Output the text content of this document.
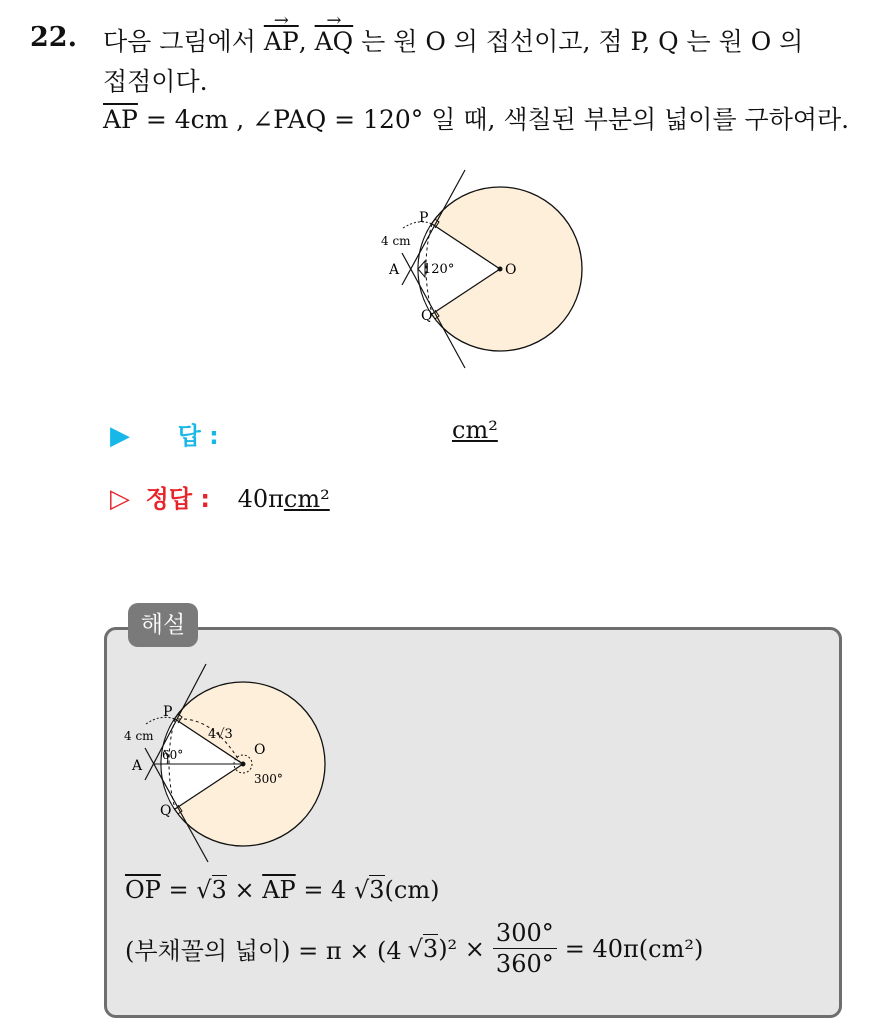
22. 다음 그림에서 → $\overline{AP}$, → $\overline{AQ}$ 는 원 O 의 접선이고, 점 P, Q 는 원 O 의
접점이다.
$\overline{AP} = 4cm$ , ∠PAQ = 120° 일 때, 색칠된 부분의 넓이를 구하여라.
P
Q
O
A
4 cm
120°
▶ 답 :	cm²
▷ 정답 : 40πcm²
해설
P
Q
O
A
4 cm
60°
300°
4√3
$\overline{OP} = √3 \times \overline{AP} = 4$ √3(cm)
(부채꼴의 넓이) = π × (4 √ 3 )$^2 \times \frac{300^\circ}{360^\circ} = 40\pi(cm^2)$
